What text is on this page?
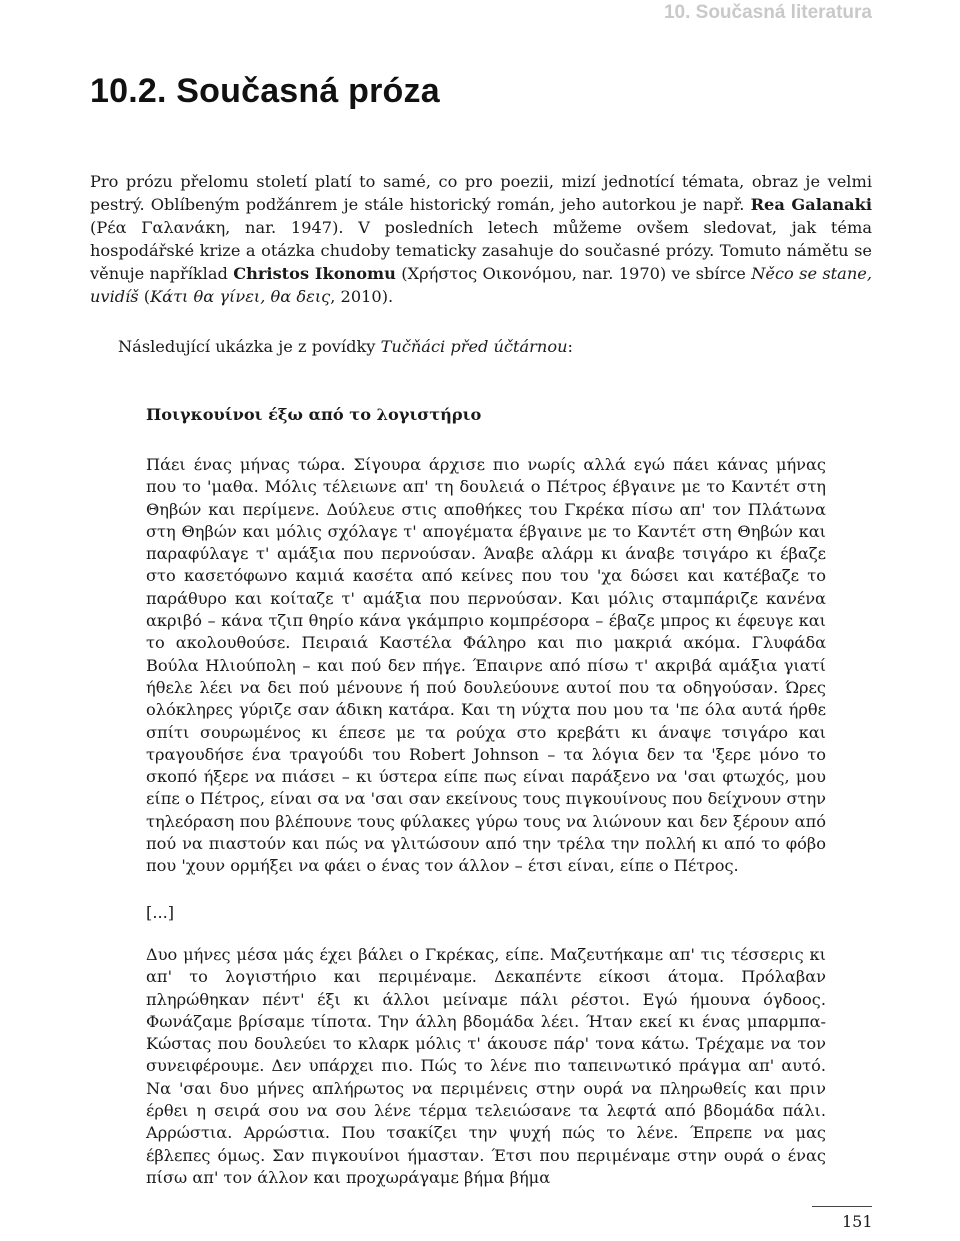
10. Současná literatura
10.2. Současná próza

Pro prózu přelomu století platí to samé, co pro poezii, mizí jednotící témata, obraz je velmi pestrý. Oblíbeným podžánrem je stále historický román, jeho autorkou je např. Rea Galanaki (Ρέα Γαλανάκη, nar. 1947). V posledních letech můžeme ovšem sledovat, jak téma hospodářské krize a otázka chudoby tematicky zasahuje do současné prózy. Tomuto námětu se věnuje například Christos Ikonomu (Χρήστος Οικονόμου, nar. 1970) ve sbírce Něco se stane, uvidíš (Κάτι θα γίνει, θα δεις, 2010).

Následující ukázka je z povídky Tučňáci před účtárnou:

Ποιγκουίνοι έξω από το λογιστήριο

Πάει ένας μήνας τώρα. Σίγουρα άρχισε πιο νωρίς αλλά εγώ πάει κάνας μήνας που το 'μαθα. Μόλις τέλειωνε απ' τη δουλειά ο Πέτρος έβγαινε με το Καντέτ στη Θηβών και περίμενε. Δούλευε στις αποθήκες του Γκρέκα πίσω απ' τον Πλάτωνα στη Θηβών και μόλις σχόλαγε τ' απογέματα έβγαινε με το Καντέτ στη Θηβών και παραφύλαγε τ' αμάξια που περνούσαν. Άναβε αλάρμ κι άναβε τσιγάρο κι έβαζε στο κασετόφωνο καμιά κασέτα από κείνες που του 'χα δώσει και κατέβαζε το παράθυρο και κοίταζε τ' αμάξια που περνούσαν. Και μόλις σταμπάριζε κανένα ακριβό – κάνα τζιπ θηρίο κάνα γκάμπριο κομπρέσορα – έβαζε μπρος κι έφευγε και το ακολουθούσε. Πειραιά Καστέλα Φάληρο και πιο μακριά ακόμα. Γλυφάδα Βούλα Ηλιούπολη – και πού δεν πήγε. Έπαιρνε από πίσω τ' ακριβά αμάξια γιατί ήθελε λέει να δει πού μένουνε ή πού δουλεύουνε αυτοί που τα οδηγούσαν. Ώρες ολόκληρες γύριζε σαν άδικη κατάρα. Και τη νύχτα που μου τα 'πε όλα αυτά ήρθε σπίτι σουρωμένος κι έπεσε με τα ρούχα στο κρεβάτι κι άναψε τσιγάρο και τραγουδήσε ένα τραγούδι του Robert Johnson – τα λόγια δεν τα 'ξερε μόνο το σκοπό ήξερε να πιάσει – κι ύστερα είπε πως είναι παράξενο να 'σαι φτωχός, μου είπε ο Πέτρος, είναι σα να 'σαι σαν εκείνους τους πιγκουίνους που δείχνουν στην τηλεόραση που βλέπουνε τους φύλακες γύρω τους να λιώνουν και δεν ξέρουν από πού να πιαστούν και πώς να γλιτώσουν από την τρέλα την πολλή κι από το φόβο που 'χουν ορμήξει να φάει ο ένας τον άλλον – έτσι είναι, είπε ο Πέτρος.

[...]

Δυο μήνες μέσα μάς έχει βάλει ο Γκρέκας, είπε. Μαζευτήκαμε απ' τις τέσσερις κι απ' το λογιστήριο και περιμέναμε. Δεκαπέντε είκοσι άτομα. Πρόλαβαν πληρώθηκαν πέντ' έξι κι άλλοι μείναμε πάλι ρέστοι. Εγώ ήμουνα όγδοος. Φωνάζαμε βρίσαμε τίποτα. Την άλλη βδομάδα λέει. Ήταν εκεί κι ένας μπαρμπα-Κώστας που δουλεύει το κλαρκ μόλις τ' άκουσε πάρ' τονα κάτω. Τρέχαμε να τον συνειφέρουμε. Δεν υπάρχει πιο. Πώς το λένε πιο ταπεινωτικό πράγμα απ' αυτό. Να 'σαι δυο μήνες απλήρωτος να περιμένεις στην ουρά να πληρωθείς και πριν έρθει η σειρά σου να σου λένε τέρμα τελειώσανε τα λεφτά από βδομάδα πάλι. Αρρώστια. Αρρώστια. Που τσακίζει την ψυχή πώς το λένε. Έπρεπε να μας έβλεπες όμως. Σαν πιγκουίνοι ήμασταν. Έτσι που περιμέναμε στην ουρά ο ένας πίσω απ' τον άλλον και προχωράγαμε βήμα βήμα

151
